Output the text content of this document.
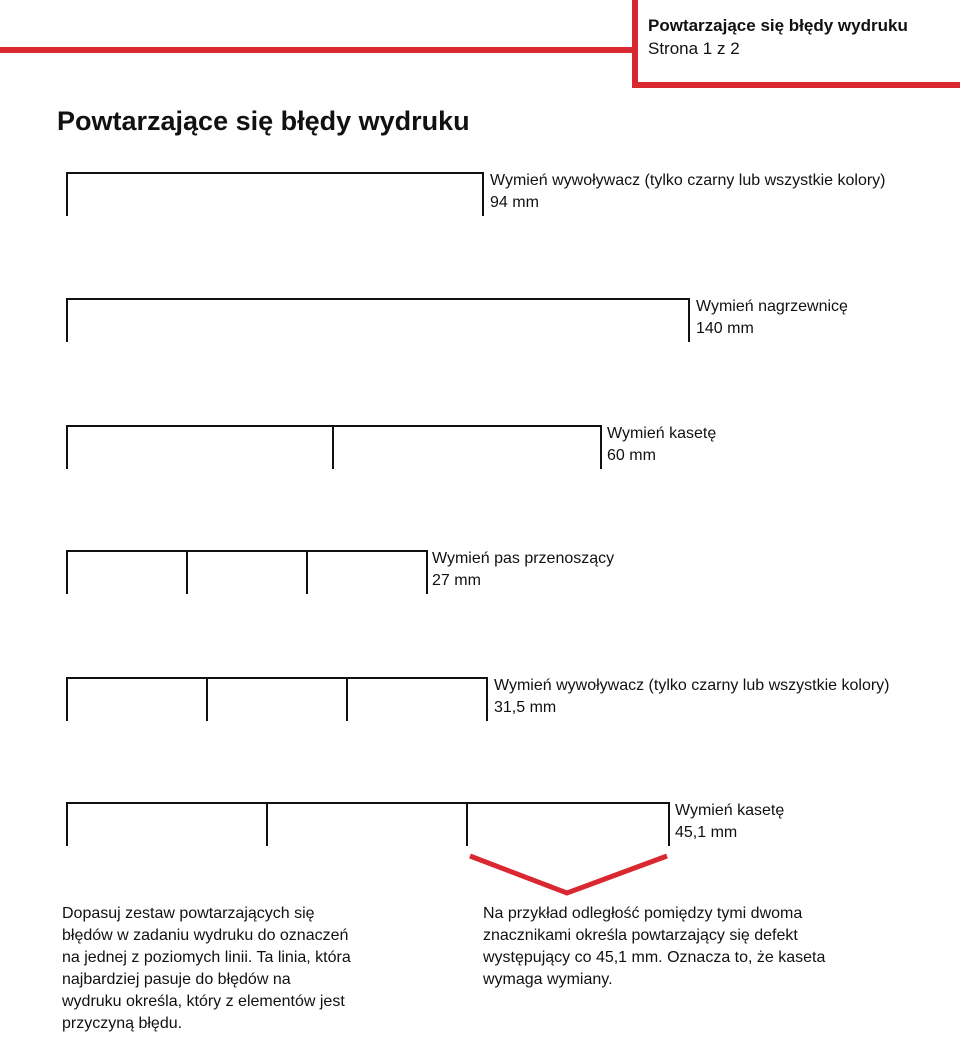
Powtarzające się błędy wydruku
Strona 1 z 2
Powtarzające się błędy wydruku
Wymień wywoływacz (tylko czarny lub wszystkie kolory)
94 mm
Wymień nagrzewnicę
140 mm
Wymień kasetę
60 mm
Wymień pas przenoszący
27 mm
Wymień wywoływacz (tylko czarny lub wszystkie kolory)
31,5 mm
Wymień kasetę
45,1 mm
Dopasuj zestaw powtarzających się błędów w zadaniu wydruku do oznaczeń na jednej z poziomych linii. Ta linia, która najbardziej pasuje do błędów na wydruku określa, który z elementów jest przyczyną błędu.
Na przykład odległość pomiędzy tymi dwoma znacznikami określa powtarzający się defekt występujący co 45,1 mm. Oznacza to, że kaseta wymaga wymiany.
